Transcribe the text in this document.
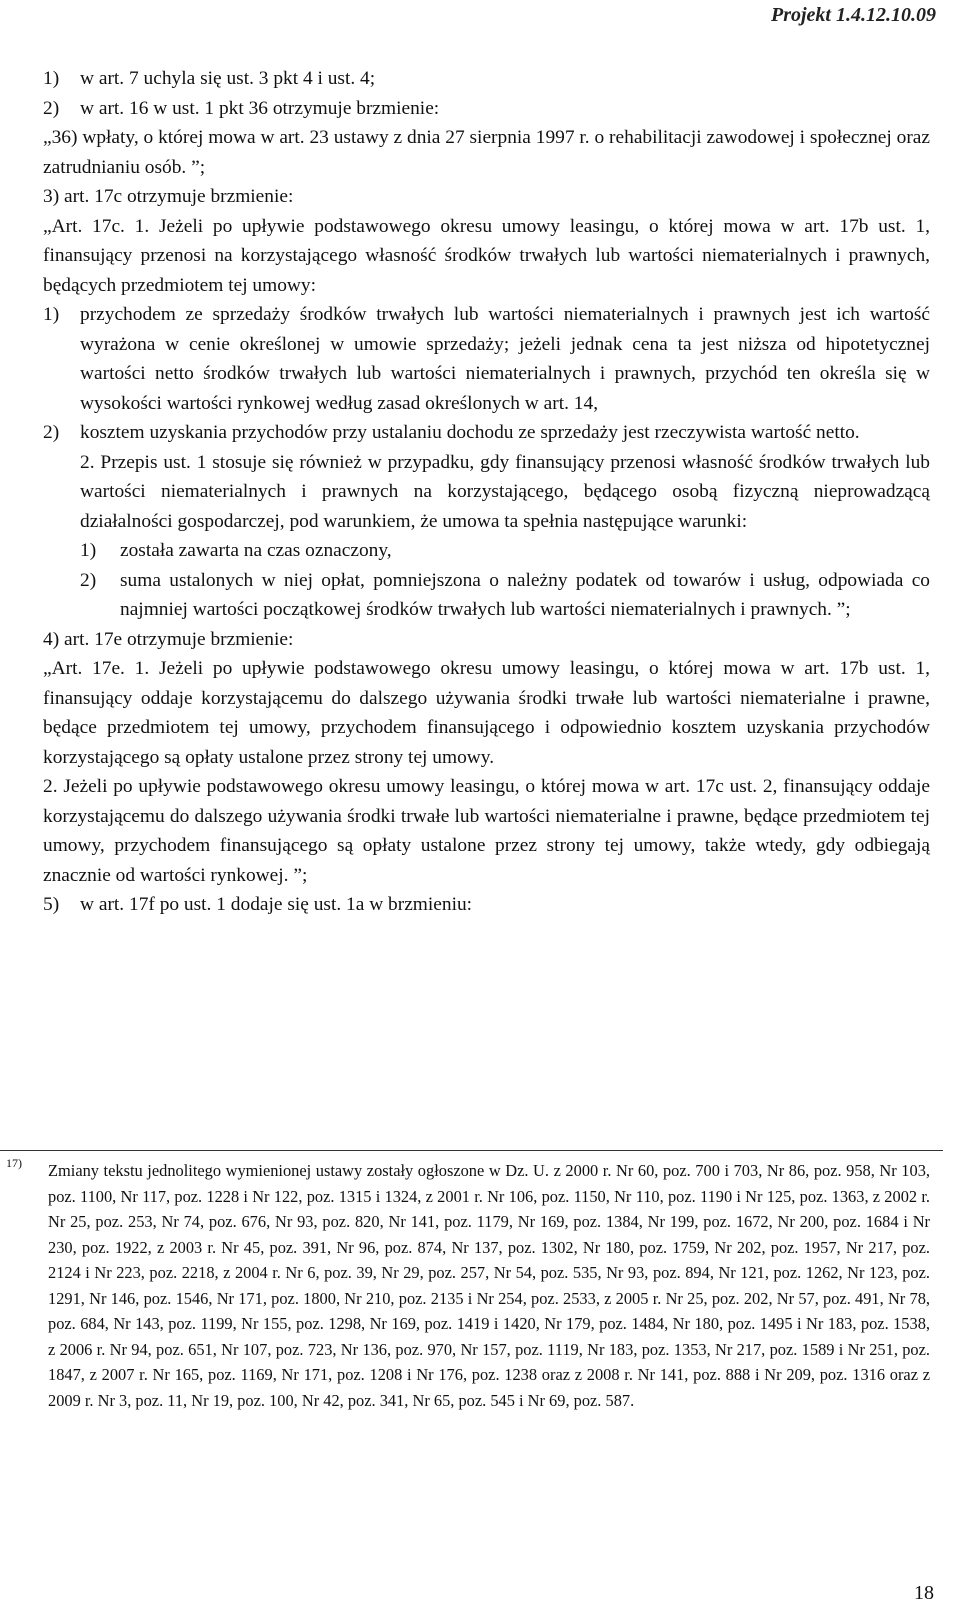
Projekt 1.4.12.10.09
1)	w art. 7 uchyla się ust. 3 pkt 4 i ust. 4;
2)	w art. 16 w ust. 1 pkt 36 otrzymuje brzmienie:

„36) wpłaty, o której mowa w art. 23 ustawy z dnia 27 sierpnia 1997 r. o rehabilitacji zawodowej i społecznej oraz zatrudnianiu osób. ”;

3) art. 17c otrzymuje brzmienie:

„Art. 17c. 1. Jeżeli po upływie podstawowego okresu umowy leasingu, o której mowa w art. 17b ust. 1, finansujący przenosi na korzystającego własność środków trwałych lub wartości niematerialnych i prawnych, będących przedmiotem tej umowy:

1)	przychodem ze sprzedaży środków trwałych lub wartości niematerialnych i prawnych jest ich wartość wyrażona w cenie określonej w umowie sprzedaży; jeżeli jednak cena ta jest niższa od hipotetycznej wartości netto środków trwałych lub wartości niematerialnych i prawnych, przychód ten określa się w wysokości wartości rynkowej według zasad określonych w art. 14,
2)	kosztem uzyskania przychodów przy ustalaniu dochodu ze sprzedaży jest rzeczywista wartość netto.

2. Przepis ust. 1 stosuje się również w przypadku, gdy finansujący przenosi własność środków trwałych lub wartości niematerialnych i prawnych na korzystającego, będącego osobą fizyczną nieprowadzącą działalności gospodarczej, pod warunkiem, że umowa ta spełnia następujące warunki:

1)	została zawarta na czas oznaczony,
2)	suma ustalonych w niej opłat, pomniejszona o należny podatek od towarów i usług, odpowiada co najmniej wartości początkowej środków trwałych lub wartości niematerialnych i prawnych. ”;

4) art. 17e otrzymuje brzmienie:

„Art. 17e. 1. Jeżeli po upływie podstawowego okresu umowy leasingu, o której mowa w art. 17b ust. 1, finansujący oddaje korzystającemu do dalszego używania środki trwałe lub wartości niematerialne i prawne, będące przedmiotem tej umowy, przychodem finansującego i odpowiednio kosztem uzyskania przychodów korzystającego są opłaty ustalone przez strony tej umowy.

2. Jeżeli po upływie podstawowego okresu umowy leasingu, o której mowa w art. 17c ust. 2, finansujący oddaje korzystającemu do dalszego używania środki trwałe lub wartości niematerialne i prawne, będące przedmiotem tej umowy, przychodem finansującego są opłaty ustalone przez strony tej umowy, także wtedy, gdy odbiegają znacznie od wartości rynkowej. ”;

5)	w art. 17f po ust. 1 dodaje się ust. 1a w brzmieniu:
17) Zmiany tekstu jednolitego wymienionej ustawy zostały ogłoszone w Dz. U. z 2000 r. Nr 60, poz. 700 i 703, Nr 86, poz. 958, Nr 103, poz. 1100, Nr 117, poz. 1228 i Nr 122, poz. 1315 i 1324, z 2001 r. Nr 106, poz. 1150, Nr 110, poz. 1190 i Nr 125, poz. 1363, z 2002 r. Nr 25, poz. 253, Nr 74, poz. 676, Nr 93, poz. 820, Nr 141, poz. 1179, Nr 169, poz. 1384, Nr 199, poz. 1672, Nr 200, poz. 1684 i Nr 230, poz. 1922, z 2003 r. Nr 45, poz. 391, Nr 96, poz. 874, Nr 137, poz. 1302, Nr 180, poz. 1759, Nr 202, poz. 1957, Nr 217, poz. 2124 i Nr 223, poz. 2218, z 2004 r. Nr 6, poz. 39, Nr 29, poz. 257, Nr 54, poz. 535, Nr 93, poz. 894, Nr 121, poz. 1262, Nr 123, poz. 1291, Nr 146, poz. 1546, Nr 171, poz. 1800, Nr 210, poz. 2135 i Nr 254, poz. 2533, z 2005 r. Nr 25, poz. 202, Nr 57, poz. 491, Nr 78, poz. 684, Nr 143, poz. 1199, Nr 155, poz. 1298, Nr 169, poz. 1419 i 1420, Nr 179, poz. 1484, Nr 180, poz. 1495 i Nr 183, poz. 1538, z 2006 r. Nr 94, poz. 651, Nr 107, poz. 723, Nr 136, poz. 970, Nr 157, poz. 1119, Nr 183, poz. 1353, Nr 217, poz. 1589 i Nr 251, poz. 1847, z 2007 r. Nr 165, poz. 1169, Nr 171, poz. 1208 i Nr 176, poz. 1238 oraz z 2008 r. Nr 141, poz. 888 i Nr 209, poz. 1316 oraz z 2009 r. Nr 3, poz. 11, Nr 19, poz. 100, Nr 42, poz. 341, Nr 65, poz. 545 i Nr 69, poz. 587.
18
